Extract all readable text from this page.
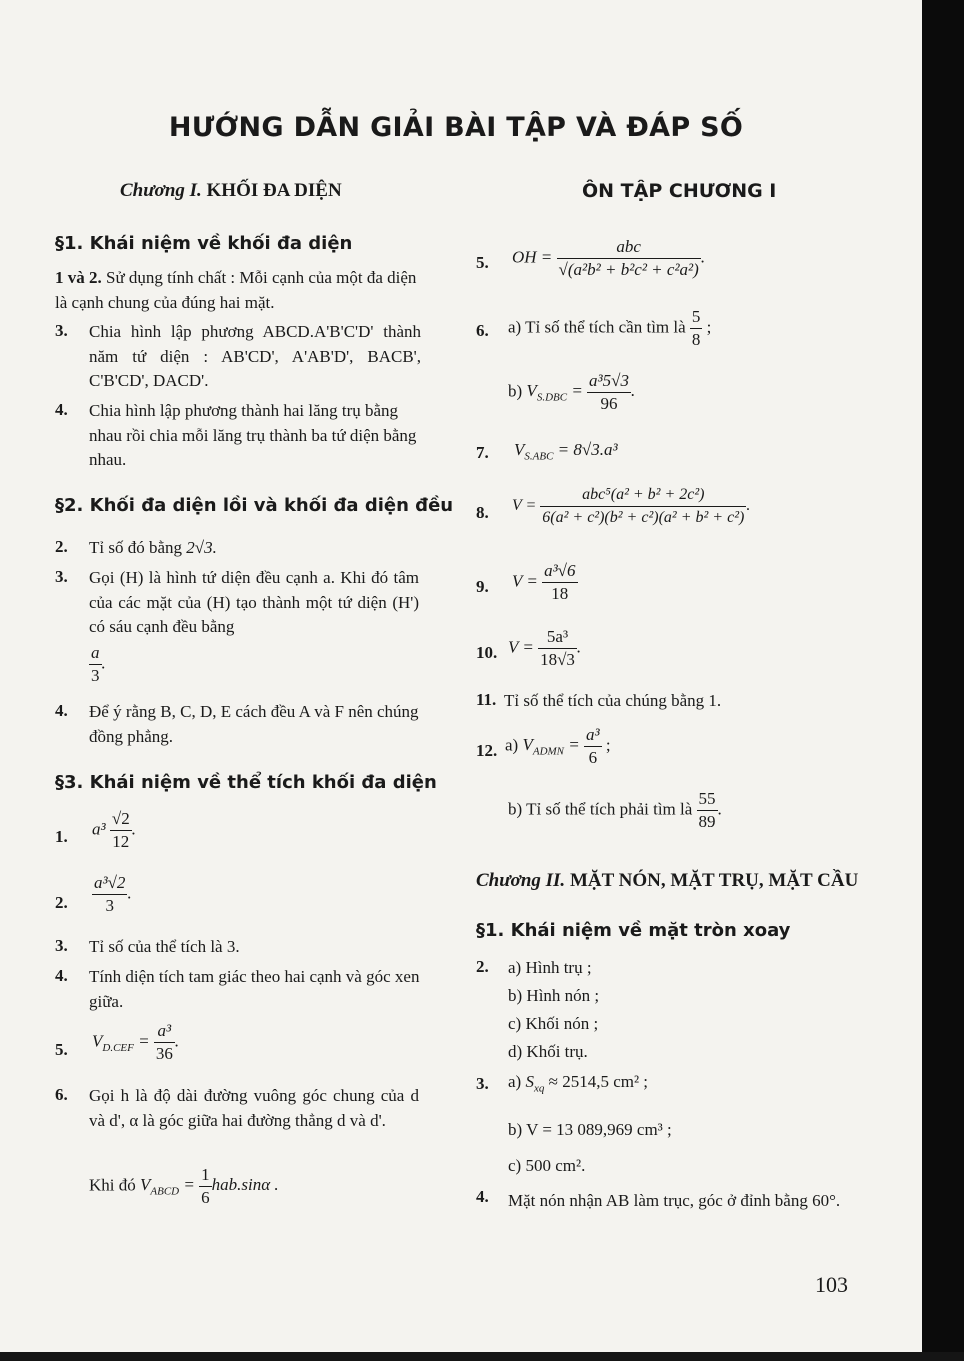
HƯỚNG DẪN GIẢI BÀI TẬP VÀ ĐÁP SỐ
Chương I. KHỐI ĐA DIỆN
§1. Khái niệm về khối đa diện
1 và 2. Sử dụng tính chất : Mỗi cạnh của một đa diện là cạnh chung của đúng hai mặt.
3. Chia hình lập phương ABCD.A'B'C'D' thành năm tứ diện : AB'CD', A'AB'D', BACB', C'B'CD', DACD'.
4. Chia hình lập phương thành hai lăng trụ bằng nhau rồi chia mỗi lăng trụ thành ba tứ diện bằng nhau.
§2. Khối đa diện lồi và khối đa diện đều
2. Tỉ số đó bằng 2√3.
3. Gọi (H) là hình tứ diện đều cạnh a. Khi đó tâm của các mặt của (H) tạo thành một tứ diện (H') có sáu cạnh đều bằng
$\frac{a}{3}$ .
4. Để ý rằng B, C, D, E cách đều A và F nên chúng đồng phẳng.
§3. Khái niệm về thể tích khối đa diện
1. $a^3 \frac{√2}{12}$ .
2. $\frac{\text{a³√2}}{3}$ .
3. Tỉ số của thể tích là 3.
4. Tính diện tích tam giác theo hai cạnh và góc xen giữa.
5. $V_{D.CEF} = \frac{\text{a³}}{36}$ .
6. Gọi h là độ dài đường vuông góc chung của d và d', α là góc giữa hai đường thẳng d và d'.
Khi đó $V_{ABCD} = \frac{1}{6} hab.\sin\alpha$ .
ÔN TẬP CHƯƠNG I
5. OH = $\frac{\text{abc}}{\text{√(a²b² + b²c² + c²a²)}}$ .
6. a) Tỉ số thể tích cần tìm là $\frac{5}{8}$ ;
b) $V_{S.DBC} = \frac{\text{a³5√3}}{96}$ .
7. $V_{S.ABC} = 8√3.a^3$
8. $V = \frac{\text{abc⁵(a² + b² + 2c²)}}{\text{6(a² + c²)(b² + c²)(a² + b² + c²)}}$ .
9. $V = \frac{\text{a³√6}}{18}$
10. $V = \frac{\text{5a³}}{18√3}$ .
11. Tỉ số thể tích của chúng bằng 1.
12. a) $V_{ADMN} = \frac{\text{a³}}{6}$ ;
b) Tỉ số thể tích phải tìm là $\frac{55}{89}$ .
Chương II. MẶT NÓN, MẶT TRỤ, MẶT CẦU
§1. Khái niệm về mặt tròn xoay
2. a) Hình trụ ;
b) Hình nón ;
c) Khối nón ;
d) Khối trụ.
3. a) $S_{xq} \approx 2514,5$ cm² ;
b) V = 13 089,969 cm³ ;
c) 500 cm².
4. Mặt nón nhận AB làm trục, góc ở đỉnh bằng 60°.
103
